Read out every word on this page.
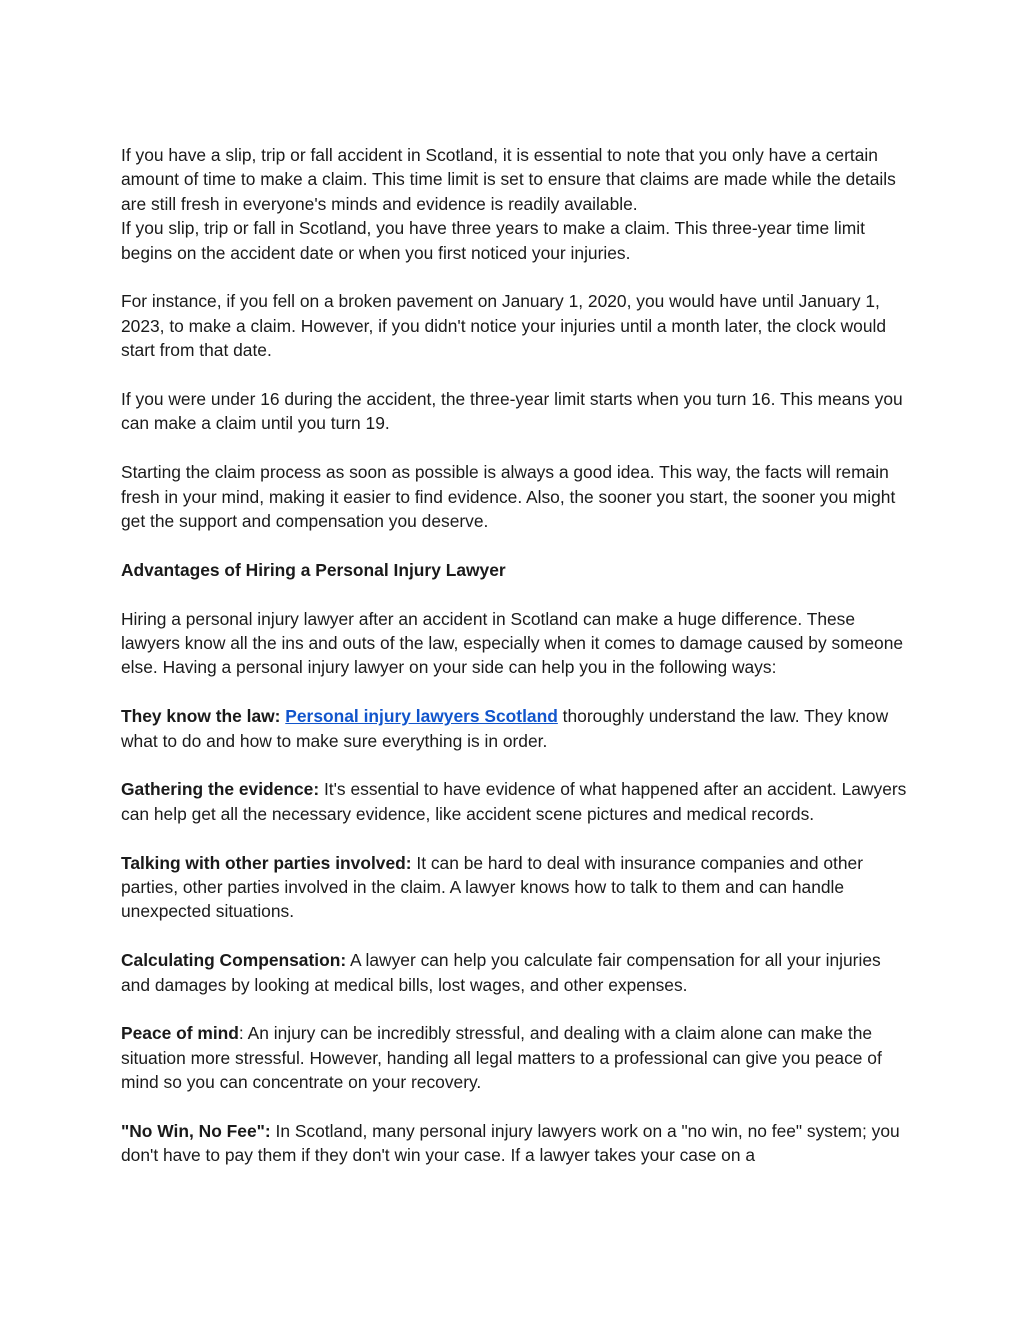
If you have a slip, trip or fall accident in Scotland, it is essential to note that you only have a certain amount of time to make a claim. This time limit is set to ensure that claims are made while the details are still fresh in everyone's minds and evidence is readily available.

If you slip, trip or fall in Scotland, you have three years to make a claim. This three-year time limit begins on the accident date or when you first noticed your injuries.

For instance, if you fell on a broken pavement on January 1, 2020, you would have until January 1, 2023, to make a claim. However, if you didn't notice your injuries until a month later, the clock would start from that date.

If you were under 16 during the accident, the three-year limit starts when you turn 16. This means you can make a claim until you turn 19.

Starting the claim process as soon as possible is always a good idea. This way, the facts will remain fresh in your mind, making it easier to find evidence. Also, the sooner you start, the sooner you might get the support and compensation you deserve.

Advantages of Hiring a Personal Injury Lawyer

Hiring a personal injury lawyer after an accident in Scotland can make a huge difference. These lawyers know all the ins and outs of the law, especially when it comes to damage caused by someone else. Having a personal injury lawyer on your side can help you in the following ways:

They know the law: Personal injury lawyers Scotland thoroughly understand the law. They know what to do and how to make sure everything is in order.

Gathering the evidence: It's essential to have evidence of what happened after an accident. Lawyers can help get all the necessary evidence, like accident scene pictures and medical records.

Talking with other parties involved: It can be hard to deal with insurance companies and other parties, other parties involved in the claim. A lawyer knows how to talk to them and can handle unexpected situations.

Calculating Compensation: A lawyer can help you calculate fair compensation for all your injuries and damages by looking at medical bills, lost wages, and other expenses.

Peace of mind: An injury can be incredibly stressful, and dealing with a claim alone can make the situation more stressful. However, handing all legal matters to a professional can give you peace of mind so you can concentrate on your recovery.

"No Win, No Fee": In Scotland, many personal injury lawyers work on a "no win, no fee" system; you don't have to pay them if they don't win your case. If a lawyer takes your case on a
